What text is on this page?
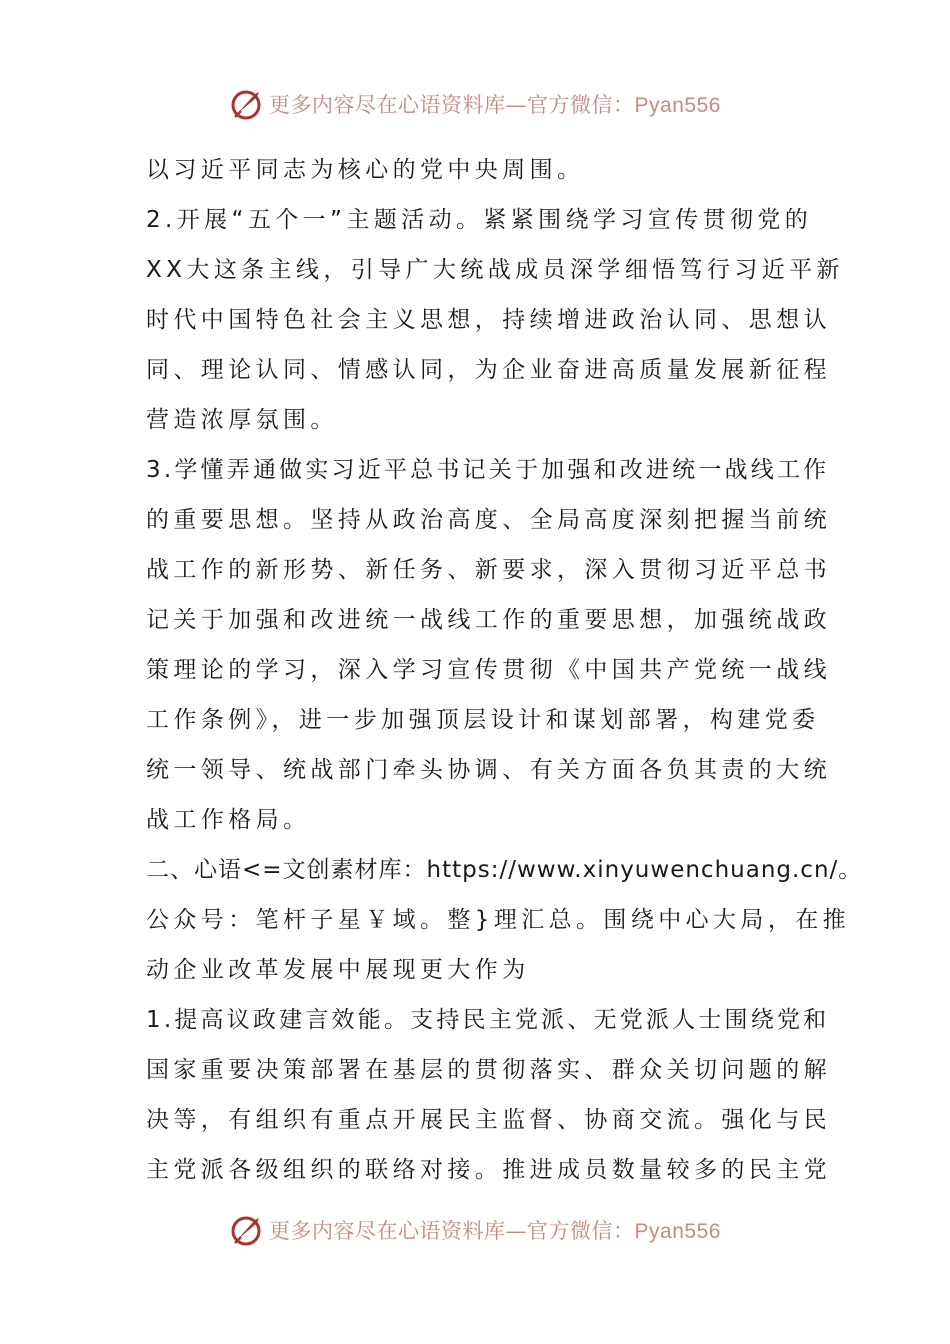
更多内容尽在心语资料库—官方微信：Pyan556
以习近平同志为核心的党中央周围。
2.开展“五个一”主题活动。紧紧围绕学习宣传贯彻党的
XX大这条主线，引导广大统战成员深学细悟笃行习近平新
时代中国特色社会主义思想，持续增进政治认同、思想认
同、理论认同、情感认同，为企业奋进高质量发展新征程
营造浓厚氛围。
3.学懂弄通做实习近平总书记关于加强和改进统一战线工作
的重要思想。坚持从政治高度、全局高度深刻把握当前统
战工作的新形势、新任务、新要求，深入贯彻习近平总书
记关于加强和改进统一战线工作的重要思想，加强统战政
策理论的学习，深入学习宣传贯彻《中国共产党统一战线
工作条例》，进一步加强顶层设计和谋划部署，构建党委
统一领导、统战部门牵头协调、有关方面各负其责的大统
战工作格局。
二、心语<=文创素材库：https://www.xinyuwenchuang.cn/。
公众号：笔杆子星￥域。整}理汇总。围绕中心大局，在推
动企业改革发展中展现更大作为
1.提高议政建言效能。支持民主党派、无党派人士围绕党和
国家重要决策部署在基层的贯彻落实、群众关切问题的解
决等，有组织有重点开展民主监督、协商交流。强化与民
主党派各级组织的联络对接。推进成员数量较多的民主党
更多内容尽在心语资料库—官方微信：Pyan556
